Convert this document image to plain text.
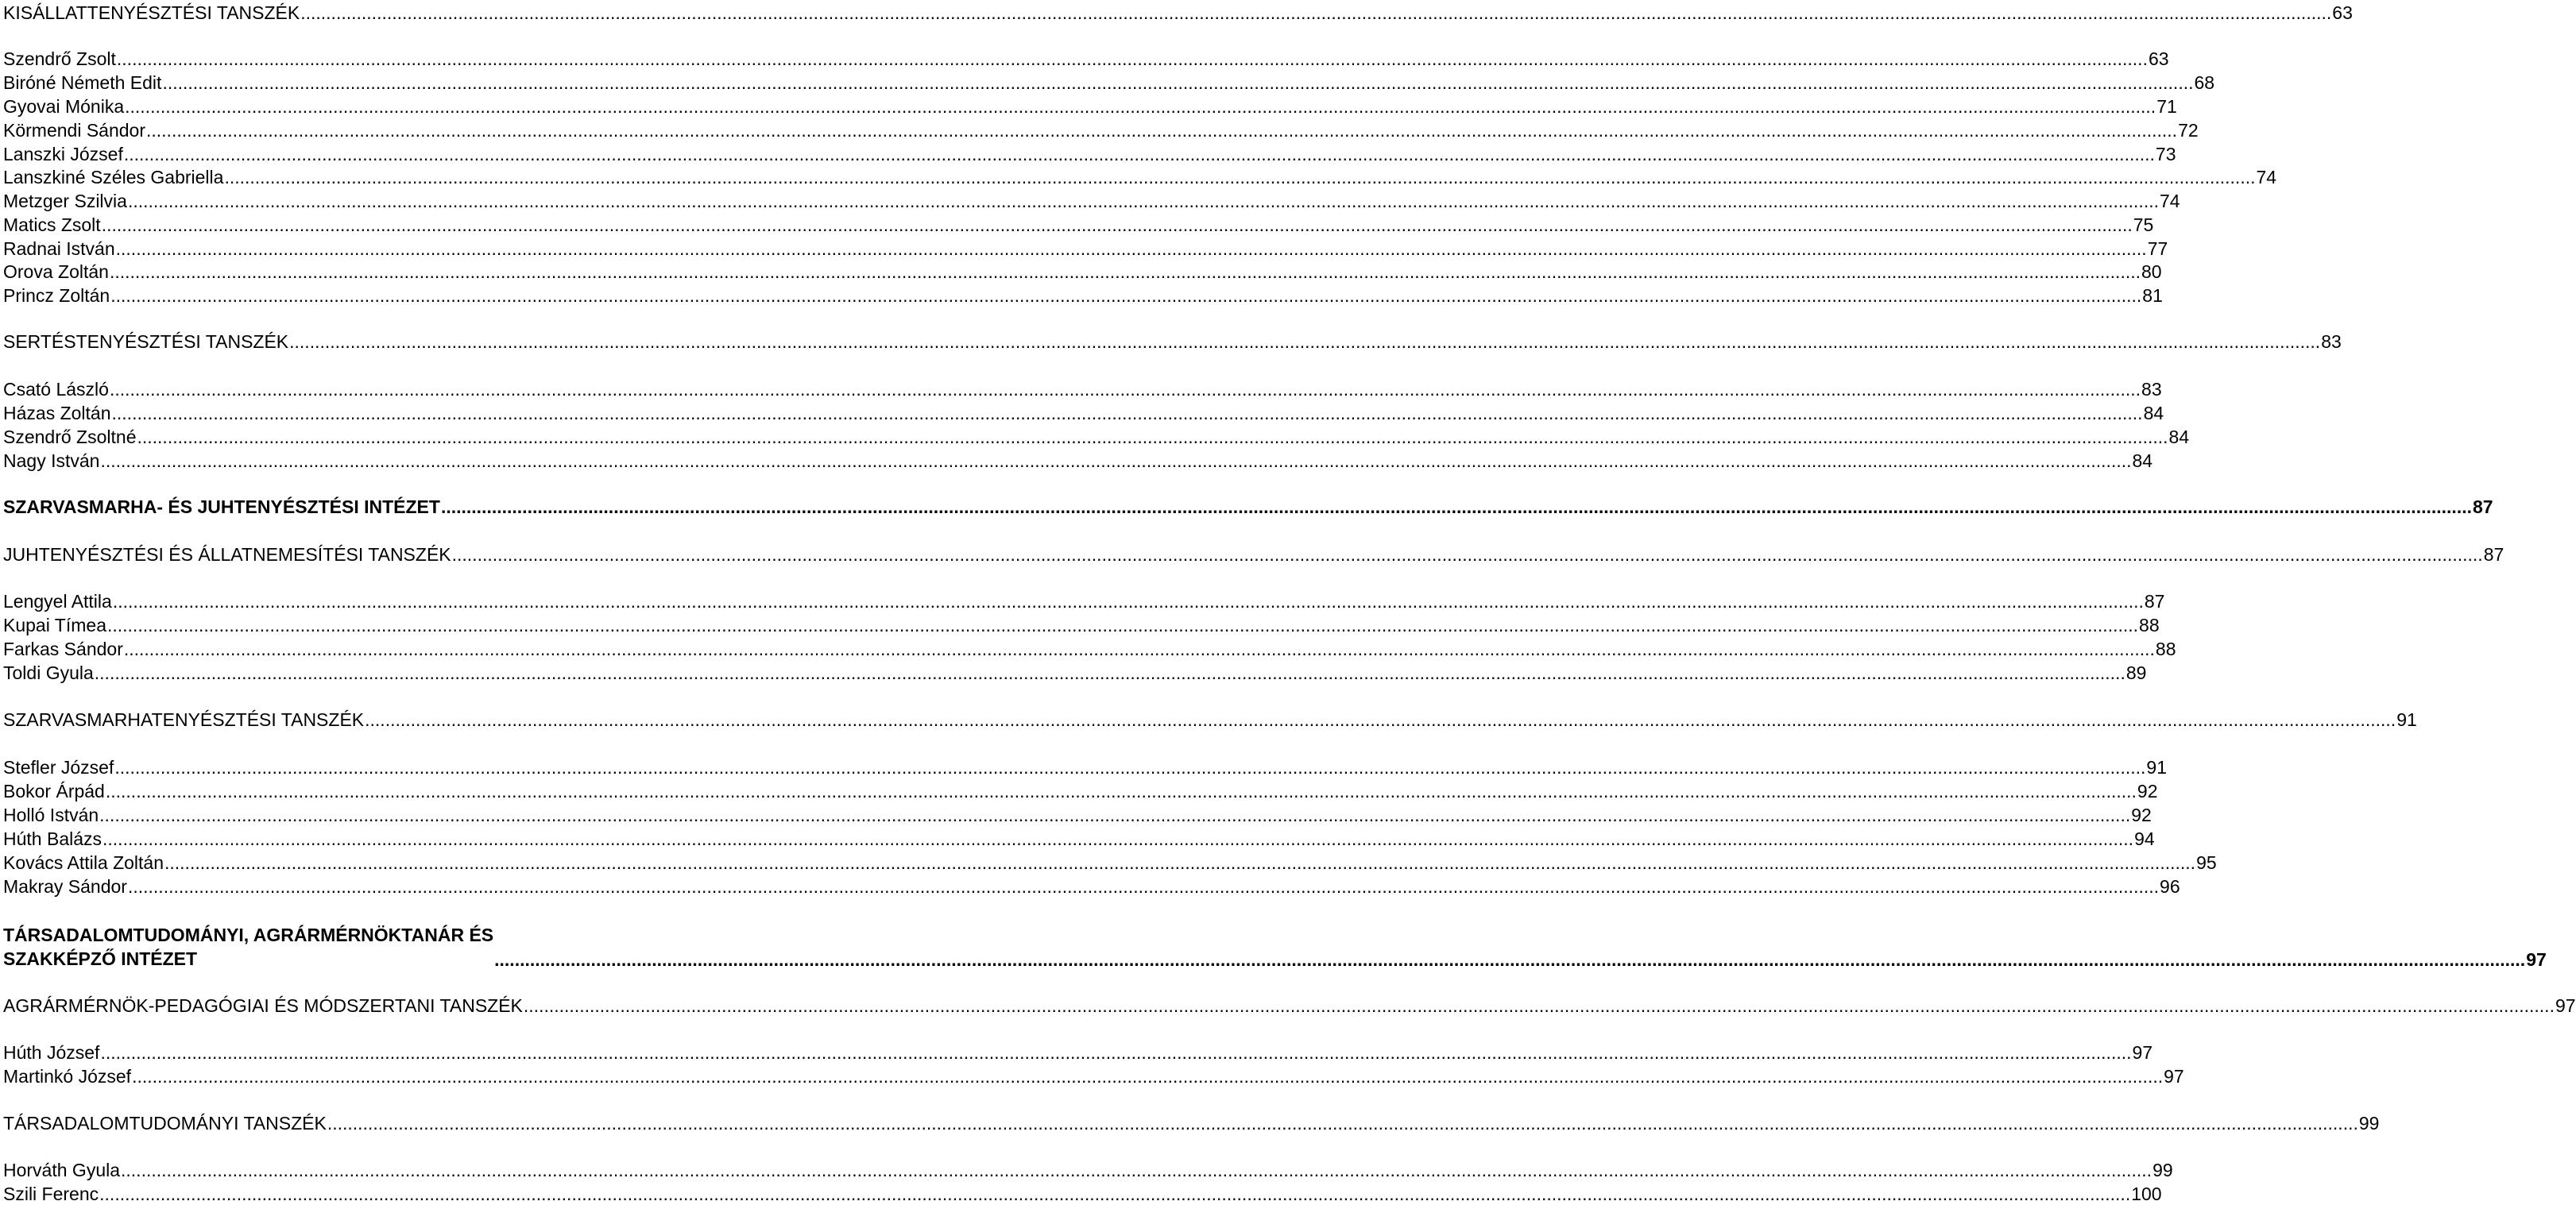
KISÁLLATTENYÉSZTÉSI TANSZÉK ................................................................................................................................................................................................................................................................................................................................................................................................................ 63
Szendrő Zsolt ................................................................................................................................................................................................................................................................................................................................................................................................................ 63
Biróné Németh Edit ................................................................................................................................................................................................................................................................................................................................................................................................................ 68
Gyovai Mónika ................................................................................................................................................................................................................................................................................................................................................................................................................ 71
Körmendi Sándor ................................................................................................................................................................................................................................................................................................................................................................................................................ 72
Lanszki József ................................................................................................................................................................................................................................................................................................................................................................................................................ 73
Lanszkiné Széles Gabriella ................................................................................................................................................................................................................................................................................................................................................................................................................ 74
Metzger Szilvia ................................................................................................................................................................................................................................................................................................................................................................................................................ 74
Matics Zsolt ................................................................................................................................................................................................................................................................................................................................................................................................................ 75
Radnai István ................................................................................................................................................................................................................................................................................................................................................................................................................ 77
Orova Zoltán ................................................................................................................................................................................................................................................................................................................................................................................................................ 80
Princz Zoltán ................................................................................................................................................................................................................................................................................................................................................................................................................ 81
SERTÉSTENYÉSZTÉSI TANSZÉK ................................................................................................................................................................................................................................................................................................................................................................................................................ 83
Csató László ................................................................................................................................................................................................................................................................................................................................................................................................................ 83
Házas Zoltán ................................................................................................................................................................................................................................................................................................................................................................................................................ 84
Szendrő Zsoltné ................................................................................................................................................................................................................................................................................................................................................................................................................ 84
Nagy István ................................................................................................................................................................................................................................................................................................................................................................................................................ 84
SZARVASMARHA- ÉS JUHTENYÉSZTÉSI INTÉZET ................................................................................................................................................................................................................................................................................................................................................................................................................ 87
JUHTENYÉSZTÉSI ÉS ÁLLATNEMESÍTÉSI TANSZÉK ................................................................................................................................................................................................................................................................................................................................................................................................................ 87
Lengyel Attila ................................................................................................................................................................................................................................................................................................................................................................................................................ 87
Kupai Tímea ................................................................................................................................................................................................................................................................................................................................................................................................................ 88
Farkas Sándor ................................................................................................................................................................................................................................................................................................................................................................................................................ 88
Toldi Gyula ................................................................................................................................................................................................................................................................................................................................................................................................................ 89
SZARVASMARHATENYÉSZTÉSI TANSZÉK ................................................................................................................................................................................................................................................................................................................................................................................................................ 91
Stefler József ................................................................................................................................................................................................................................................................................................................................................................................................................ 91
Bokor Árpád ................................................................................................................................................................................................................................................................................................................................................................................................................ 92
Holló István ................................................................................................................................................................................................................................................................................................................................................................................................................ 92
Húth Balázs ................................................................................................................................................................................................................................................................................................................................................................................................................ 94
Kovács Attila Zoltán ................................................................................................................................................................................................................................................................................................................................................................................................................ 95
Makray Sándor ................................................................................................................................................................................................................................................................................................................................................................................................................ 96
TÁRSADALOMTUDOMÁNYI, AGRÁRMÉRNÖKTANÁR ÉS
SZAKKÉPZŐ INTÉZET	................................................................................................................................................................................................................................................................................................................................................................................................................ 97
AGRÁRMÉRNÖK-PEDAGÓGIAI ÉS MÓDSZERTANI TANSZÉK ................................................................................................................................................................................................................................................................................................................................................................................................................ 97
Húth József ................................................................................................................................................................................................................................................................................................................................................................................................................ 97
Martinkó József ................................................................................................................................................................................................................................................................................................................................................................................................................ 97
TÁRSADALOMTUDOMÁNYI TANSZÉK ................................................................................................................................................................................................................................................................................................................................................................................................................ 99
Horváth Gyula ................................................................................................................................................................................................................................................................................................................................................................................................................ 99
Szili Ferenc ................................................................................................................................................................................................................................................................................................................................................................................................................ 100
